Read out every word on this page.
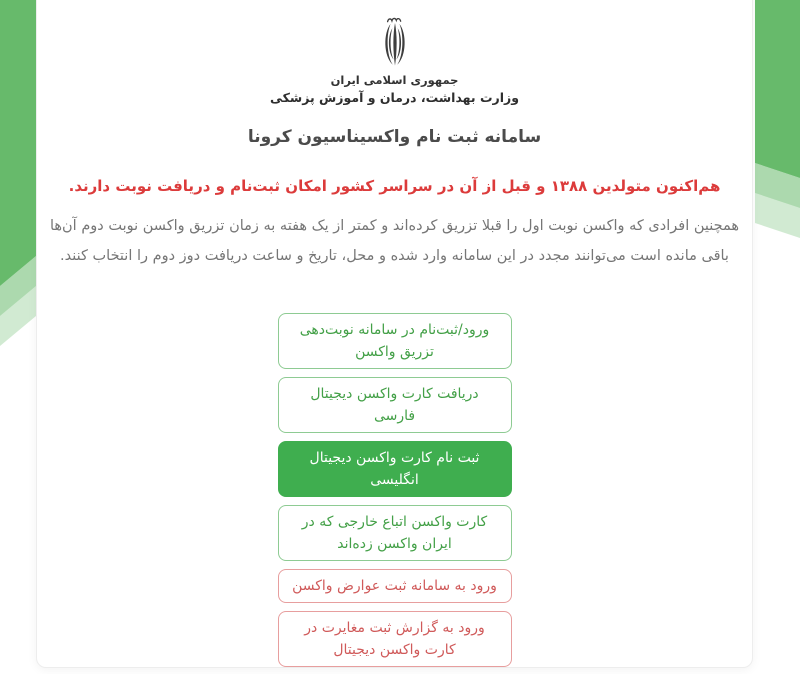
جمهوری اسلامی ایران
وزارت بهداشت، درمان و آموزش پزشکی
سامانه ثبت نام واکسیناسیون کرونا
هم‌اکنون متولدین ۱۳۸۸ و قبل از آن در سراسر کشور امکان ثبت‌نام و دریافت نوبت دارند.
همچنین افرادی که واکسن نوبت اول را قبلا تزریق کرده‌اند و کمتر از یک هفته به زمان تزریق واکسن نوبت دوم آن‌ها باقی مانده است می‌توانند مجدد در این سامانه وارد شده و محل، تاریخ و ساعت دریافت دوز دوم را انتخاب کنند.
ورود/ثبت‌نام در سامانه نوبت‌دهی تزریق واکسن
دریافت کارت واکسن دیجیتال فارسی
ثبت نام کارت واکسن دیجیتال انگلیسی
کارت واکسن اتباع خارجی که در ایران واکسن زده‌اند
ورود به سامانه ثبت عوارض واکسن
ورود به گزارش ثبت مغایرت در کارت واکسن دیجیتال
